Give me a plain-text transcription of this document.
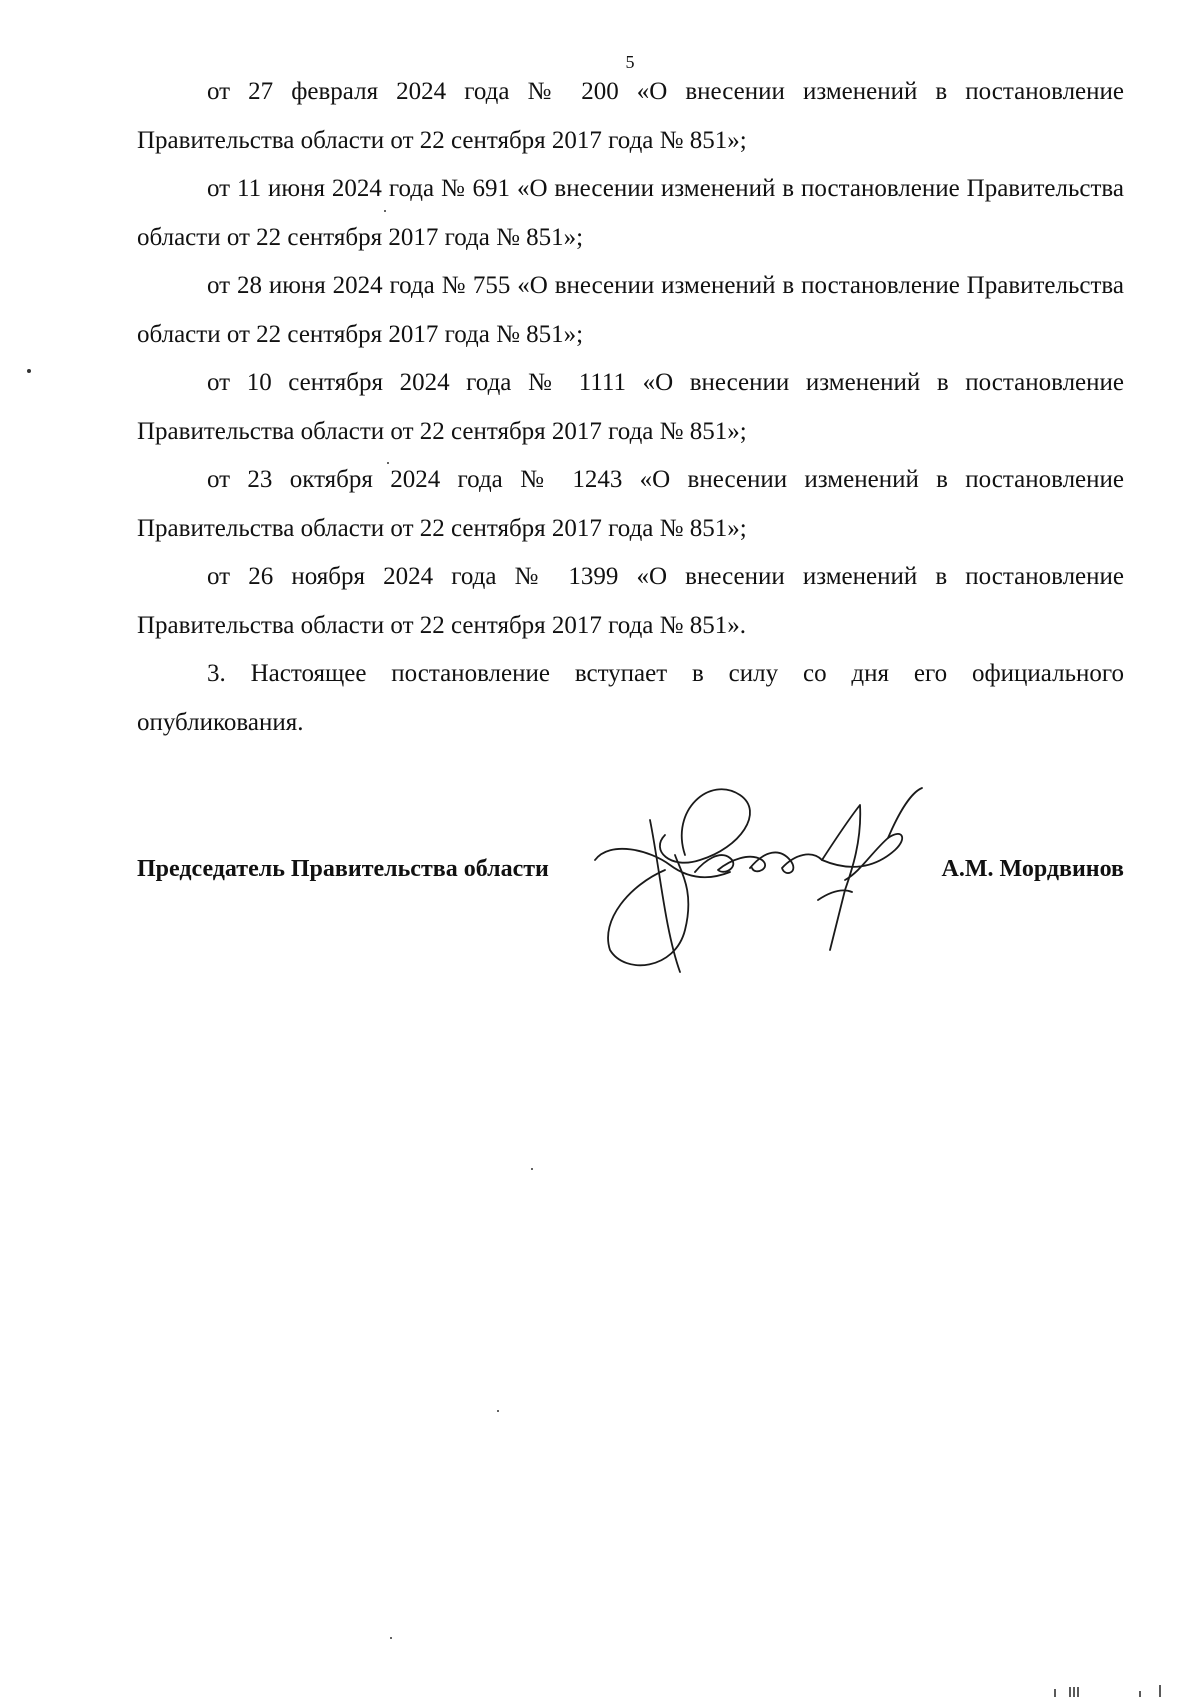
5

от 27 февраля 2024 года № 200 «О внесении изменений в постановление Правительства области от 22 сентября 2017 года № 851»;

от 11 июня 2024 года № 691 «О внесении изменений в постановление Правительства области от 22 сентября 2017 года № 851»;

от 28 июня 2024 года № 755 «О внесении изменений в постановление Правительства области от 22 сентября 2017 года № 851»;

от 10 сентября 2024 года № 1111 «О внесении изменений в постановление Правительства области от 22 сентября 2017 года № 851»;

от 23 октября 2024 года № 1243 «О внесении изменений в постановление Правительства области от 22 сентября 2017 года № 851»;

от 26 ноября 2024 года № 1399 «О внесении изменений в постановление Правительства области от 22 сентября 2017 года № 851».

3. Настоящее постановление вступает в силу со дня его официального опубликования.

Председатель Правительства области	А.М. Мордвинов
